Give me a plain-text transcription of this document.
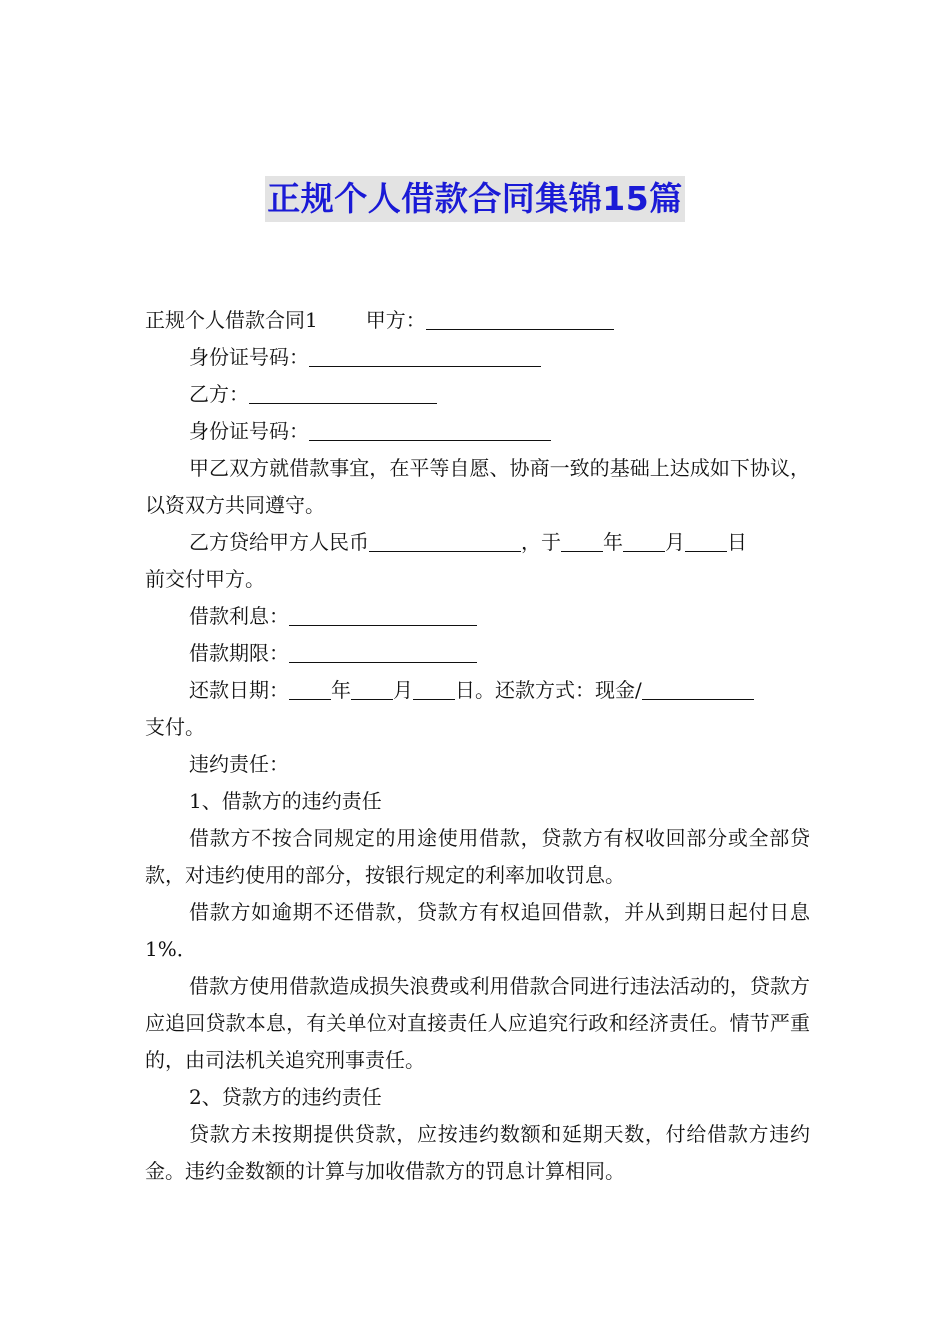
正规个人借款合同集锦15篇

正规个人借款合同1 甲方：

身份证号码：

乙方：

身份证号码：

甲乙双方就借款事宜，在平等自愿、协商一致的基础上达成如下协议，以资双方共同遵守。

乙方贷给甲方人民币	，于 年 月 日
前交付甲方。

借款利息：

借款期限：

还款日期： 年 月 日。还款方式：现金/
支付。

违约责任：

1、借款方的违约责任

借款方不按合同规定的用途使用借款，贷款方有权收回部分或全部贷款，对违约使用的部分，按银行规定的利率加收罚息。

借款方如逾期不还借款，贷款方有权追回借款，并从到期日起付日息 1%．

借款方使用借款造成损失浪费或利用借款合同进行违法活动的，贷款方应追回贷款本息，有关单位对直接责任人应追究行政和经济责任。情节严重的，由司法机关追究刑事责任。

2、贷款方的违约责任

贷款方未按期提供贷款，应按违约数额和延期天数，付给借款方违约金。违约金数额的计算与加收借款方的罚息计算相同。
